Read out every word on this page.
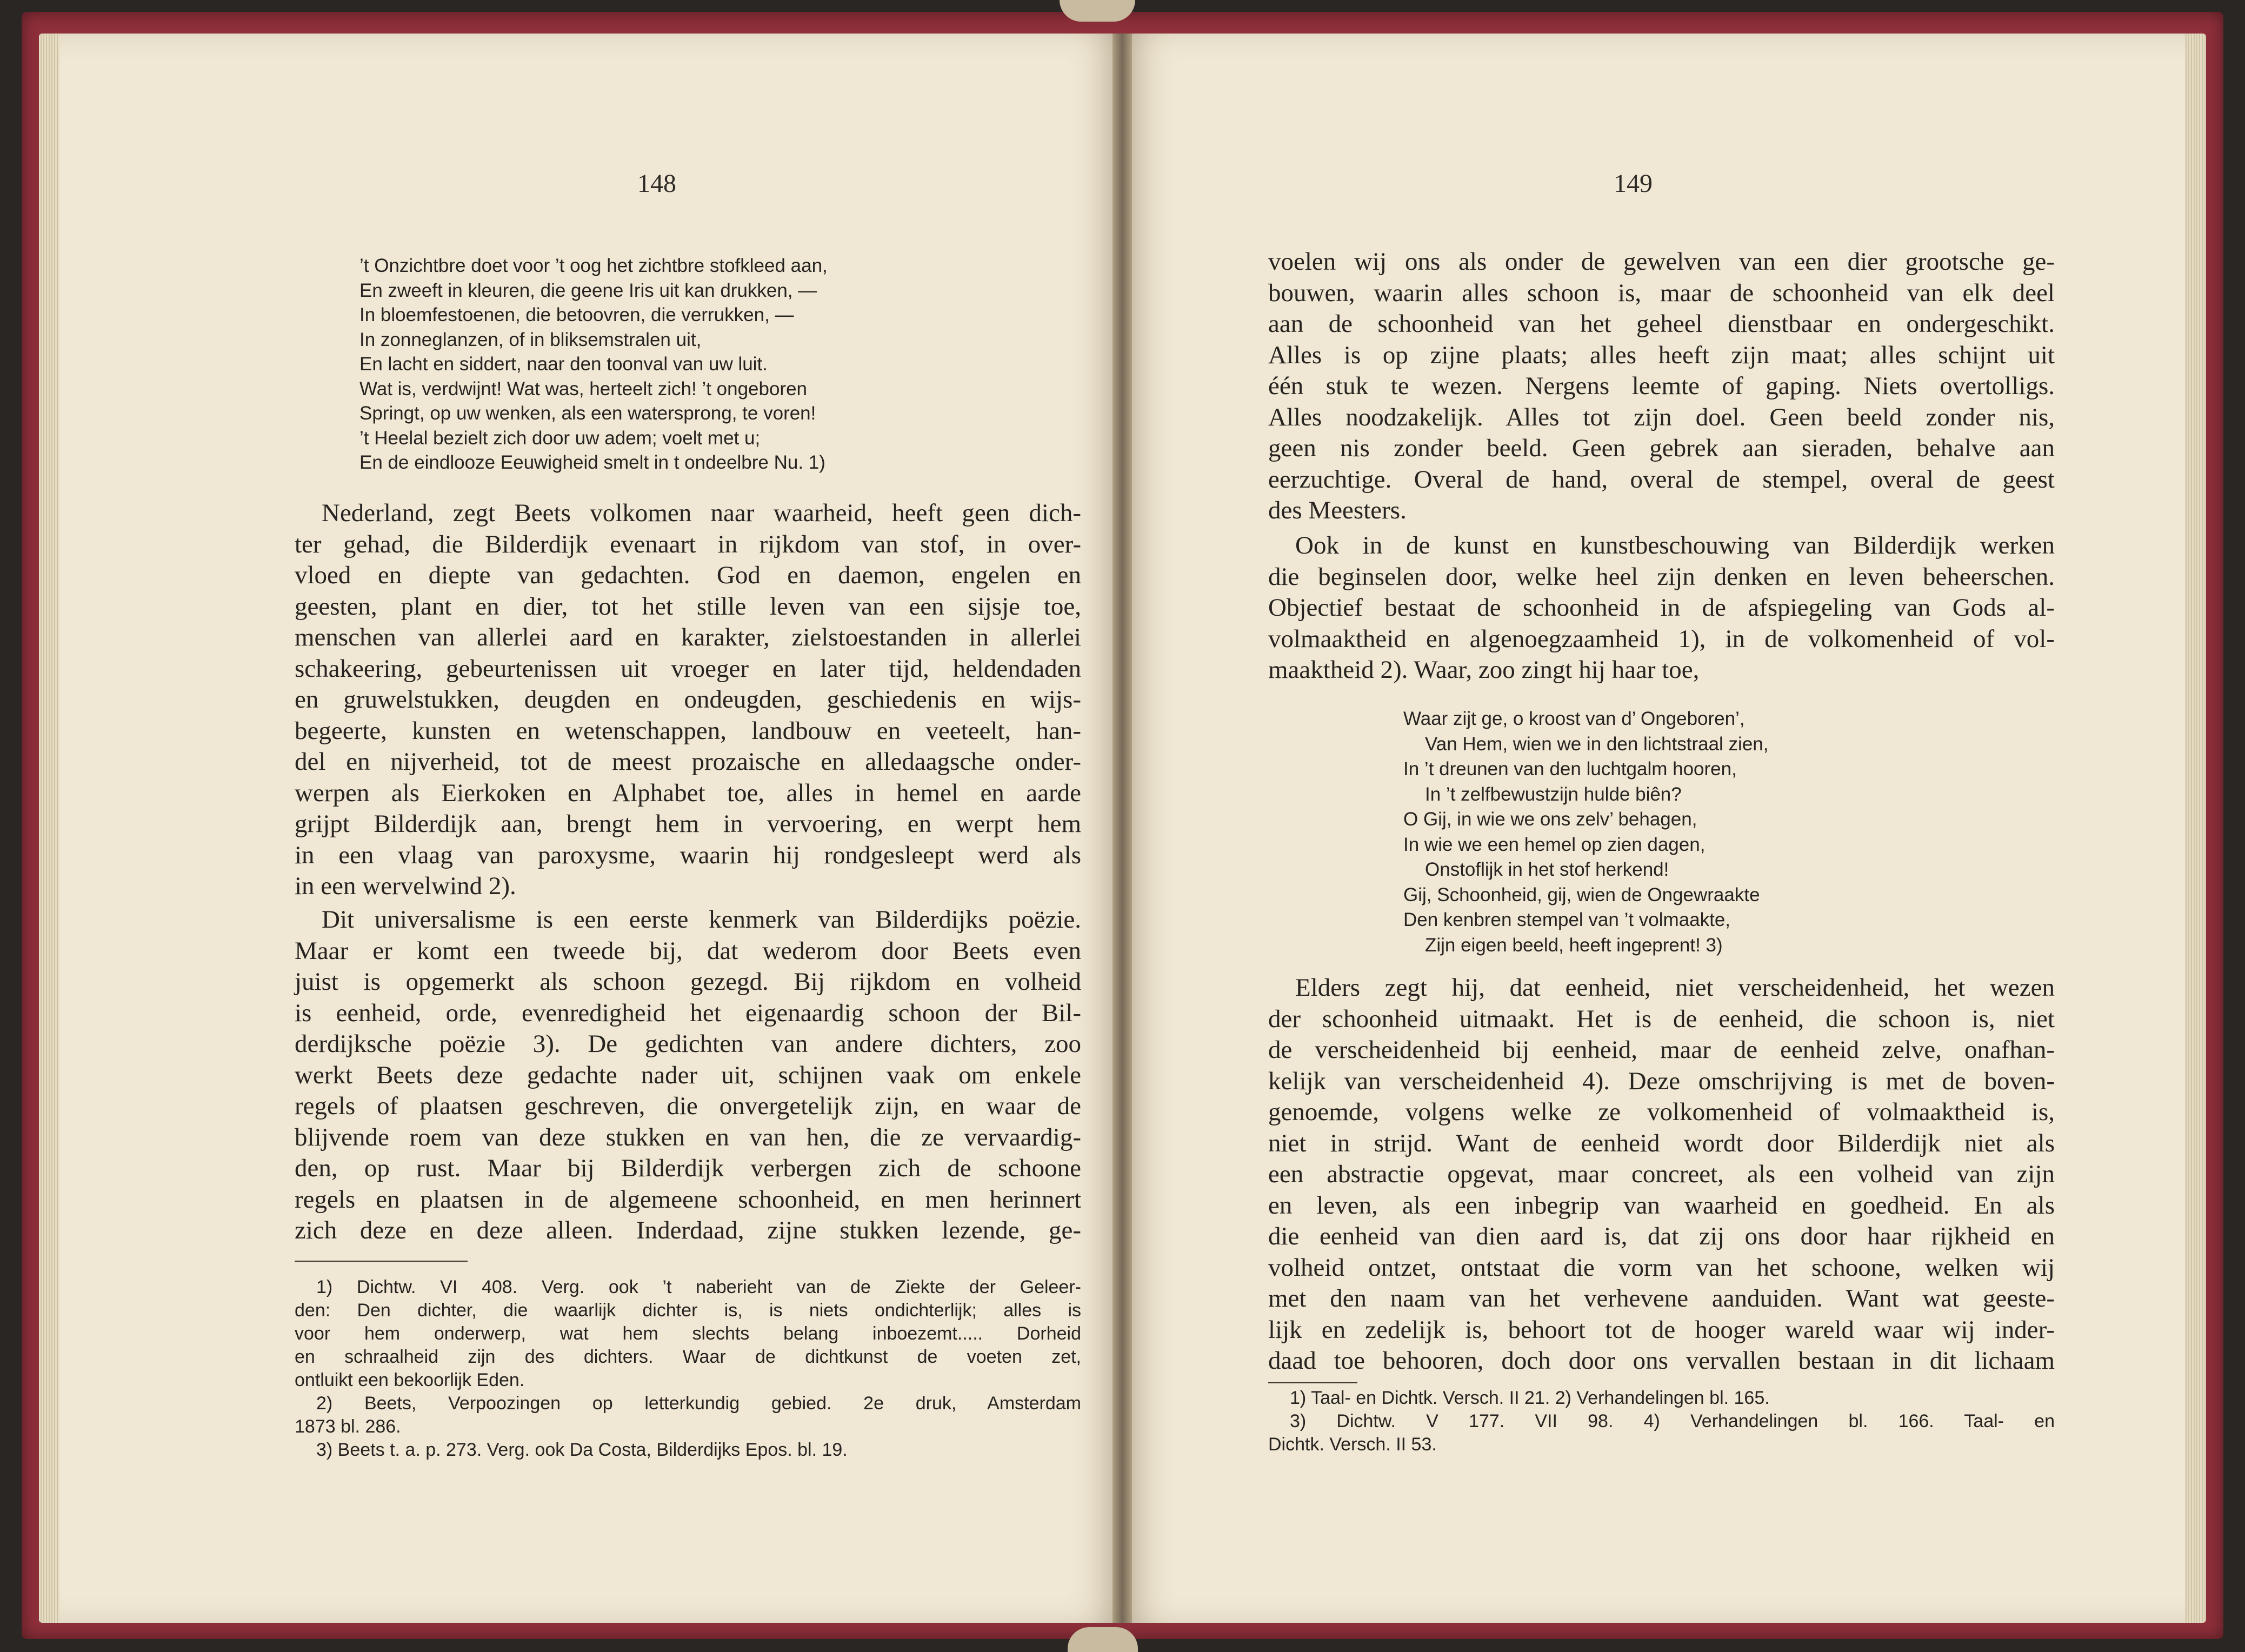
148
’t Onzichtbre doet voor ’t oog het zichtbre stofkleed aan,
En zweeft in kleuren, die geene Iris uit kan drukken, —
In bloemfestoenen, die betoovren, die verrukken, —
In zonneglanzen, of in bliksemstralen uit,
En lacht en siddert, naar den toonval van uw luit.
Wat is, verdwijnt! Wat was, herteelt zich! ’t ongeboren
Springt, op uw wenken, als een watersprong, te voren!
’t Heelal bezielt zich door uw adem; voelt met u;
En de eindlooze Eeuwigheid smelt in t ondeelbre Nu. 1)
Nederland, zegt Beets volkomen naar waarheid, heeft geen dich-
ter gehad, die Bilderdijk evenaart in rijkdom van stof, in over-
vloed en diepte van gedachten. God en daemon, engelen en
geesten, plant en dier, tot het stille leven van een sijsje toe,
menschen van allerlei aard en karakter, zielstoestanden in allerlei
schakeering, gebeurtenissen uit vroeger en later tijd, heldendaden
en gruwelstukken, deugden en ondeugden, geschiedenis en wijs-
begeerte, kunsten en wetenschappen, landbouw en veeteelt, han-
del en nijverheid, tot de meest prozaische en alledaagsche onder-
werpen als Eierkoken en Alphabet toe, alles in hemel en aarde
grijpt Bilderdijk aan, brengt hem in vervoering, en werpt hem
in een vlaag van paroxysme, waarin hij rondgesleept werd als
in een wervelwind 2).
Dit universalisme is een eerste kenmerk van Bilderdijks poëzie.
Maar er komt een tweede bij, dat wederom door Beets even
juist is opgemerkt als schoon gezegd. Bij rijkdom en volheid
is eenheid, orde, evenredigheid het eigenaardig schoon der Bil-
derdijksche poëzie 3). De gedichten van andere dichters, zoo
werkt Beets deze gedachte nader uit, schijnen vaak om enkele
regels of plaatsen geschreven, die onvergetelijk zijn, en waar de
blijvende roem van deze stukken en van hen, die ze vervaardig-
den, op rust. Maar bij Bilderdijk verbergen zich de schoone
regels en plaatsen in de algemeene schoonheid, en men herinnert
zich deze en deze alleen. Inderdaad, zijne stukken lezende, ge-
1) Dichtw. VI 408. Verg. ook ’t naberieht van de Ziekte der Geleer-
den: Den dichter, die waarlijk dichter is, is niets ondichterlijk; alles is
voor hem onderwerp, wat hem slechts belang inboezemt..... Dorheid
en schraalheid zijn des dichters. Waar de dichtkunst de voeten zet,
ontluikt een bekoorlijk Eden.
2) Beets, Verpoozingen op letterkundig gebied. 2e druk, Amsterdam
1873 bl. 286.
3) Beets t. a. p. 273. Verg. ook Da Costa, Bilderdijks Epos. bl. 19.
149
voelen wij ons als onder de gewelven van een dier grootsche ge-
bouwen, waarin alles schoon is, maar de schoonheid van elk deel
aan de schoonheid van het geheel dienstbaar en ondergeschikt.
Alles is op zijne plaats; alles heeft zijn maat; alles schijnt uit
één stuk te wezen. Nergens leemte of gaping. Niets overtolligs.
Alles noodzakelijk. Alles tot zijn doel. Geen beeld zonder nis,
geen nis zonder beeld. Geen gebrek aan sieraden, behalve aan
eerzuchtige. Overal de hand, overal de stempel, overal de geest
des Meesters.
Ook in de kunst en kunstbeschouwing van Bilderdijk werken
die beginselen door, welke heel zijn denken en leven beheerschen.
Objectief bestaat de schoonheid in de afspiegeling van Gods al-
volmaaktheid en algenoegzaamheid 1), in de volkomenheid of vol-
maaktheid 2). Waar, zoo zingt hij haar toe,
Waar zijt ge, o kroost van d’ Ongeboren’,
Van Hem, wien we in den lichtstraal zien,
In ’t dreunen van den luchtgalm hooren,
In ’t zelfbewustzijn hulde biên?
O Gij, in wie we ons zelv’ behagen,
In wie we een hemel op zien dagen,
Onstoflijk in het stof herkend!
Gij, Schoonheid, gij, wien de Ongewraakte
Den kenbren stempel van ’t volmaakte,
Zijn eigen beeld, heeft ingeprent! 3)
Elders zegt hij, dat eenheid, niet verscheidenheid, het wezen
der schoonheid uitmaakt. Het is de eenheid, die schoon is, niet
de verscheidenheid bij eenheid, maar de eenheid zelve, onafhan-
kelijk van verscheidenheid 4). Deze omschrijving is met de boven-
genoemde, volgens welke ze volkomenheid of volmaaktheid is,
niet in strijd. Want de eenheid wordt door Bilderdijk niet als
een abstractie opgevat, maar concreet, als een volheid van zijn
en leven, als een inbegrip van waarheid en goedheid. En als
die eenheid van dien aard is, dat zij ons door haar rijkheid en
volheid ontzet, ontstaat die vorm van het schoone, welken wij
met den naam van het verhevene aanduiden. Want wat geeste-
lijk en zedelijk is, behoort tot de hooger wareld waar wij inder-
daad toe behooren, doch door ons vervallen bestaan in dit lichaam
1) Taal- en Dichtk. Versch. II 21. 2) Verhandelingen bl. 165.
3) Dichtw. V 177. VII 98. 4) Verhandelingen bl. 166. Taal- en
Dichtk. Versch. II 53.
